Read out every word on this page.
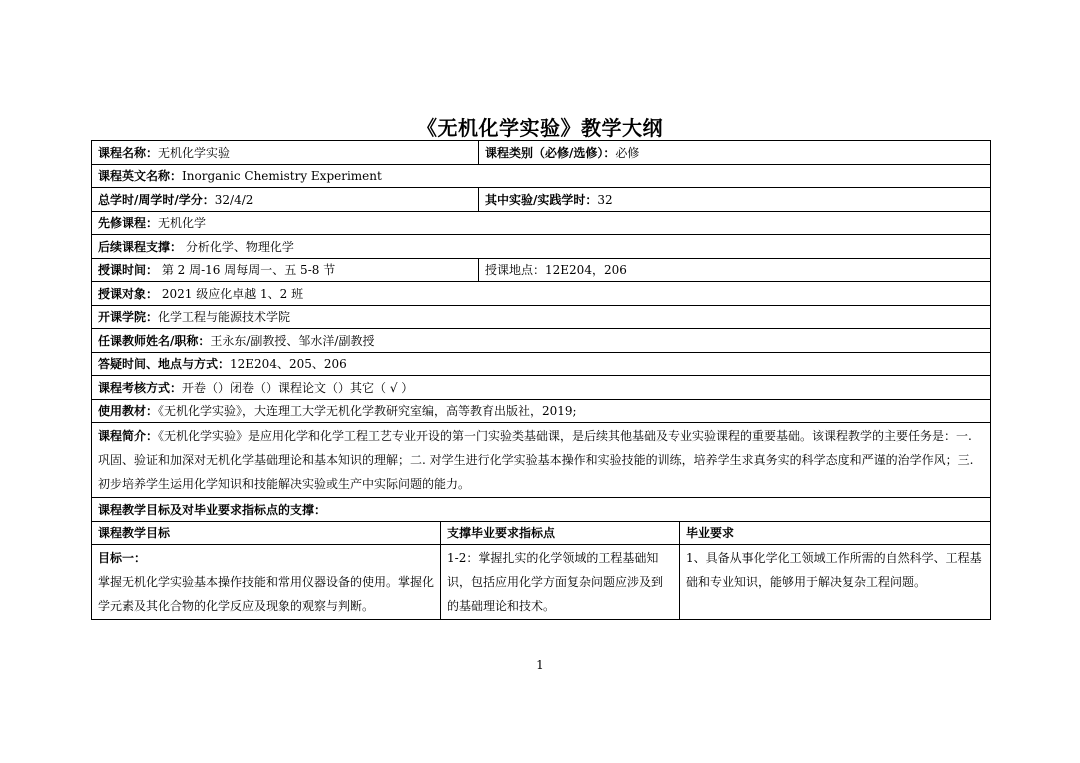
《无机化学实验》教学大纲
课程名称：无机化学实验		课程类别（必修/选修）：必修	
课程英文名称：Inorganic Chemistry Experiment			
总学时/周学时/学分：32/4/2		其中实验/实践学时：32	
先修课程：无机化学			
后续课程支撑： 分析化学、物理化学			
授课时间： 第 2 周-16 周每周一、五 5-8 节		授课地点：12E204，206	
授课对象： 2021 级应化卓越 1、2 班			
开课学院：化学工程与能源技术学院			
任课教师姓名/职称：王永东/副教授、邹水洋/副教授			
答疑时间、地点与方式：12E204、205、206			
课程考核方式：开卷（）闭卷（）课程论文（）其它（ √ ）			
使用教材：《无机化学实验》，大连理工大学无机化学教研究室编，高等教育出版社，2019;			
课程简介：《无机化学实验》是应用化学和化学工程工艺专业开设的第一门实验类基础课，是后续其他基础及专业实验课程的重要基础。该课程教学的主要任务是：一. 巩固、验证和加深对无机化学基础理论和基本知识的理解；二. 对学生进行化学实验基本操作和实验技能的训练，培养学生求真务实的科学态度和严谨的治学作风；三. 初步培养学生运用化学知识和技能解决实验或生产中实际问题的能力。			
课程教学目标及对毕业要求指标点的支撑：			
课程教学目标	支撑毕业要求指标点		毕业要求

目标一：
掌握无机化学实验基本操作技能和常用仪器设备的使用。掌握化学元素及其化合物的化学反应及现象的观察与判断。	1-2：掌握扎实的化学领域的工程基础知识，包括应用化学方面复杂问题应涉及到的基础理论和技术。		1、具备从事化学化工领域工作所需的自然科学、工程基础和专业知识，能够用于解决复杂工程问题。
1
